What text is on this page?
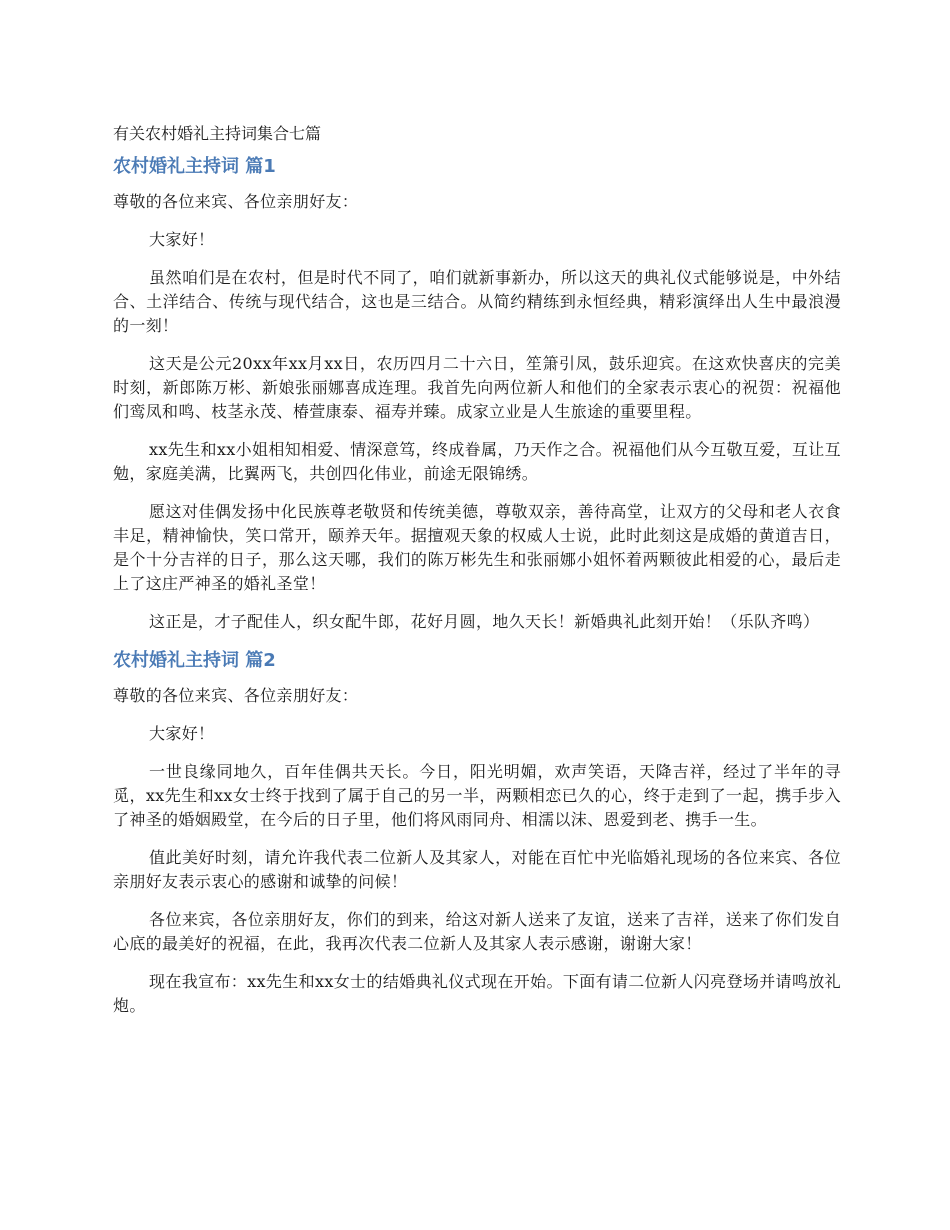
有关农村婚礼主持词集合七篇
农村婚礼主持词 篇1

尊敬的各位来宾、各位亲朋好友：

大家好！

虽然咱们是在农村，但是时代不同了，咱们就新事新办，所以这天的典礼仪式能够说是，中外结合、土洋结合、传统与现代结合，这也是三结合。从简约精练到永恒经典，精彩演绎出人生中最浪漫的一刻！

这天是公元20xx年xx月xx日，农历四月二十六日，笙箫引凤，鼓乐迎宾。在这欢快喜庆的完美时刻，新郎陈万彬、新娘张丽娜喜成连理。我首先向两位新人和他们的全家表示衷心的祝贺：祝福他们鸾凤和鸣、枝茎永茂、椿萱康泰、福寿并臻。成家立业是人生旅途的重要里程。

xx先生和xx小姐相知相爱、情深意笃，终成眷属，乃天作之合。祝福他们从今互敬互爱，互让互勉，家庭美满，比翼两飞，共创四化伟业，前途无限锦绣。

愿这对佳偶发扬中化民族尊老敬贤和传统美德，尊敬双亲，善待高堂，让双方的父母和老人衣食丰足，精神愉快，笑口常开，颐养天年。据擅观天象的权威人士说，此时此刻这是成婚的黄道吉日，是个十分吉祥的日子，那么这天哪，我们的陈万彬先生和张丽娜小姐怀着两颗彼此相爱的心，最后走上了这庄严神圣的婚礼圣堂！

这正是，才子配佳人，织女配牛郎，花好月圆，地久天长！新婚典礼此刻开始！（乐队齐鸣）

农村婚礼主持词 篇2

尊敬的各位来宾、各位亲朋好友：

大家好！

一世良缘同地久，百年佳偶共天长。今日，阳光明媚，欢声笑语，天降吉祥，经过了半年的寻觅，xx先生和xx女士终于找到了属于自己的另一半，两颗相恋已久的心，终于走到了一起，携手步入了神圣的婚姻殿堂，在今后的日子里，他们将风雨同舟、相濡以沫、恩爱到老、携手一生。

值此美好时刻，请允许我代表二位新人及其家人，对能在百忙中光临婚礼现场的各位来宾、各位亲朋好友表示衷心的感谢和诚挚的问候！

各位来宾，各位亲朋好友，你们的到来，给这对新人送来了友谊，送来了吉祥，送来了你们发自心底的最美好的祝福，在此，我再次代表二位新人及其家人表示感谢，谢谢大家！

现在我宣布：xx先生和xx女士的结婚典礼仪式现在开始。下面有请二位新人闪亮登场并请鸣放礼炮。
